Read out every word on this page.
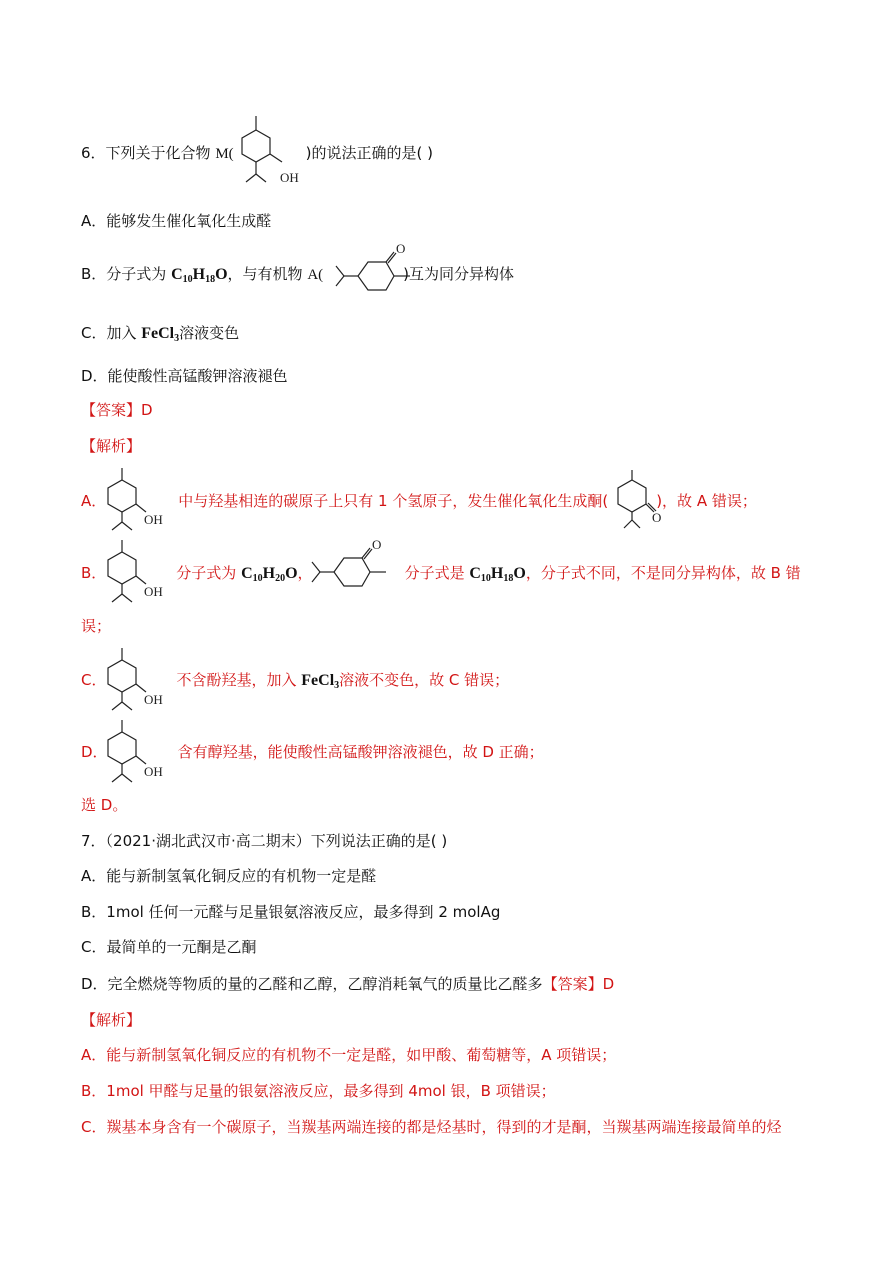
6．下列关于化合物 M(	)的说法正确的是( )
OH
A．能够发生催化氧化生成醛
B．分子式为 $C_{10}H_{18}O$，与有机物 A(	)互为同分异构体
O
C．加入 FeCl$_3$溶液变色
D．能使酸性高锰酸钾溶液褪色
【答案】D
【解析】
A．	中与羟基相连的碳原子上只有 1 个氢原子，发生催化氧化生成酮(	)，故 A 错误；
OH	O
B．	分子式为 $C_{10}H_{20}O$，	分子式是 $C_{10}H_{18}O$，分子式不同，不是同分异构体，故 B 错
OH
O
误；
C．	不含酚羟基，加入 FeCl$_3$溶液不变色，故 C 错误；
OH
D．	含有醇羟基，能使酸性高锰酸钾溶液褪色，故 D 正确；
OH
选 D。
7．（2021·湖北武汉市·高二期末）下列说法正确的是( )
A．能与新制氢氧化铜反应的有机物一定是醛
B．1mol 任何一元醛与足量银氨溶液反应，最多得到 2 molAg
C．最简单的一元酮是乙酮
D．完全燃烧等物质的量的乙醛和乙醇，乙醇消耗氧气的质量比乙醛多【答案】D
【解析】
A．能与新制氢氧化铜反应的有机物不一定是醛，如甲酸、葡萄糖等，A 项错误；
B．1mol 甲醛与足量的银氨溶液反应，最多得到 4mol 银，B 项错误；
C．羰基本身含有一个碳原子，当羰基两端连接的都是烃基时，得到的才是酮，当羰基两端连接最简单的烃
